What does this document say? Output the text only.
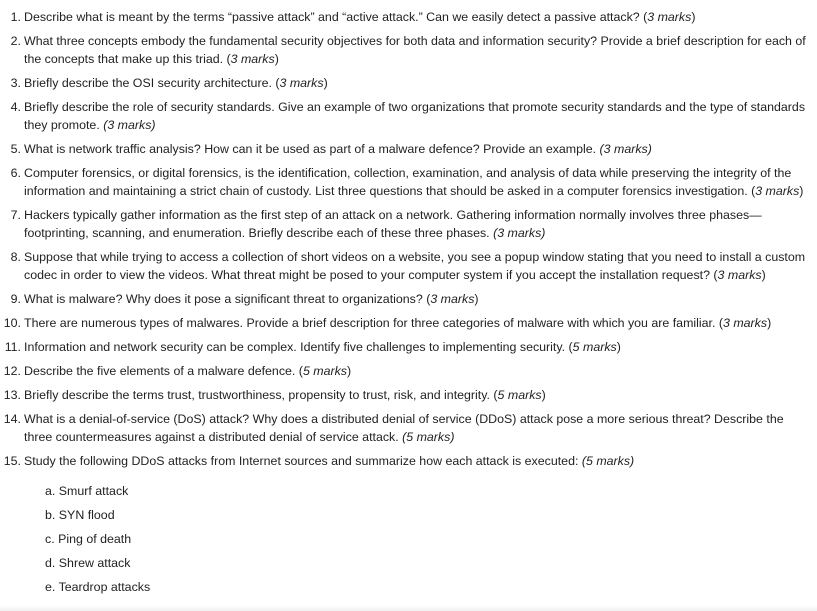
1. Describe what is meant by the terms “passive attack” and “active attack.” Can we easily detect a passive attack? (3 marks)
2. What three concepts embody the fundamental security objectives for both data and information security? Provide a brief description for each of the concepts that make up this triad. (3 marks)
3. Briefly describe the OSI security architecture. (3 marks)
4. Briefly describe the role of security standards. Give an example of two organizations that promote security standards and the type of standards they promote. (3 marks)
5. What is network traffic analysis? How can it be used as part of a malware defence? Provide an example. (3 marks)
6. Computer forensics, or digital forensics, is the identification, collection, examination, and analysis of data while preserving the integrity of the information and maintaining a strict chain of custody. List three questions that should be asked in a computer forensics investigation. (3 marks)
7. Hackers typically gather information as the first step of an attack on a network. Gathering information normally involves three phases—footprinting, scanning, and enumeration. Briefly describe each of these three phases. (3 marks)
8. Suppose that while trying to access a collection of short videos on a website, you see a popup window stating that you need to install a custom codec in order to view the videos. What threat might be posed to your computer system if you accept the installation request? (3 marks)
9. What is malware? Why does it pose a significant threat to organizations? (3 marks)
10. There are numerous types of malwares. Provide a brief description for three categories of malware with which you are familiar. (3 marks)
11. Information and network security can be complex. Identify five challenges to implementing security. (5 marks)
12. Describe the five elements of a malware defence. (5 marks)
13. Briefly describe the terms trust, trustworthiness, propensity to trust, risk, and integrity. (5 marks)
14. What is a denial-of-service (DoS) attack? Why does a distributed denial of service (DDoS) attack pose a more serious threat? Describe the three countermeasures against a distributed denial of service attack. (5 marks)
15. Study the following DDoS attacks from Internet sources and summarize how each attack is executed: (5 marks)
a. Smurf attack
b. SYN flood
c. Ping of death
d. Shrew attack
e. Teardrop attacks
